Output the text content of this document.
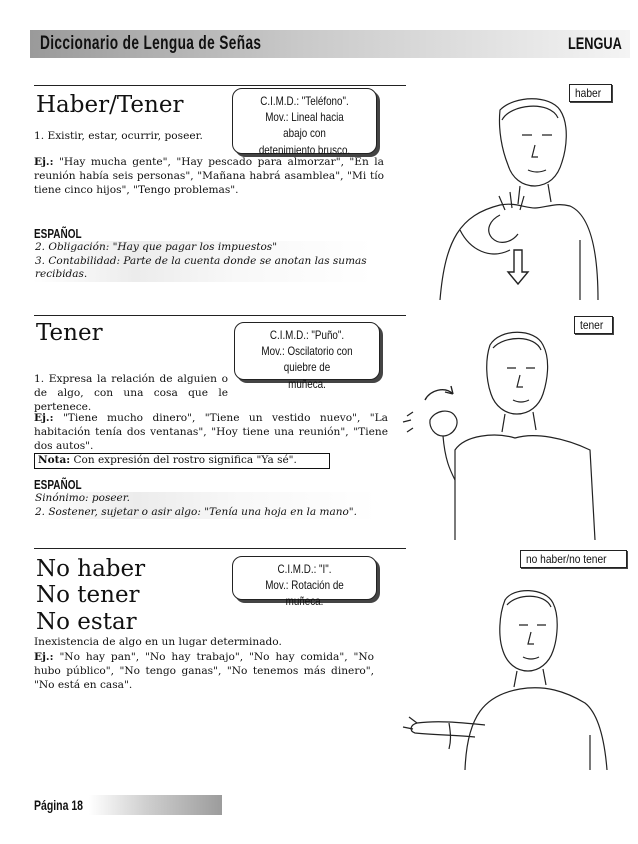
Diccionario de Lengua de Señas	LENGUA
Haber/Tener	C.I.M.D.: "Teléfono".
Mov.: Lineal hacia abajo con
detenimiento brusco.
1. Existir, estar, ocurrir, poseer.
Ej.: "Hay mucha gente", "Hay pescado para almorzar", "En la reunión había seis personas", "Mañana habrá asamblea", "Mi tío tiene cinco hijos", "Tengo problemas".
ESPAÑOL
2. Obligación: "Hay que pagar los impuestos"
3. Contabilidad: Parte de la cuenta donde se anotan las sumas recibidas.
haber
Tener	C.I.M.D.: "Puño".
Mov.: Oscilatorio con quiebre de
muñeca.
1. Expresa la relación de alguien o de algo, con una cosa que le pertenece.
Ej.: "Tiene mucho dinero", "Tiene un vestido nuevo", "La habitación tenía dos ventanas", "Hoy tiene una reunión", "Tiene dos autos".
Nota: Con expresión del rostro significa "Ya sé".
ESPAÑOL
Sinónimo: poseer.
2. Sostener, sujetar o asir algo: "Tenía una hoja en la mano".
tener
No haber
No tener
No estar
C.I.M.D.: "I".
Mov.: Rotación de muñeca.
Inexistencia de algo en un lugar determinado.
Ej.: "No hay pan", "No hay trabajo", "No hay comida", "No hubo público", "No tengo ganas", "No tenemos más dinero", "No está en casa".
no haber/no tener
Página 18
